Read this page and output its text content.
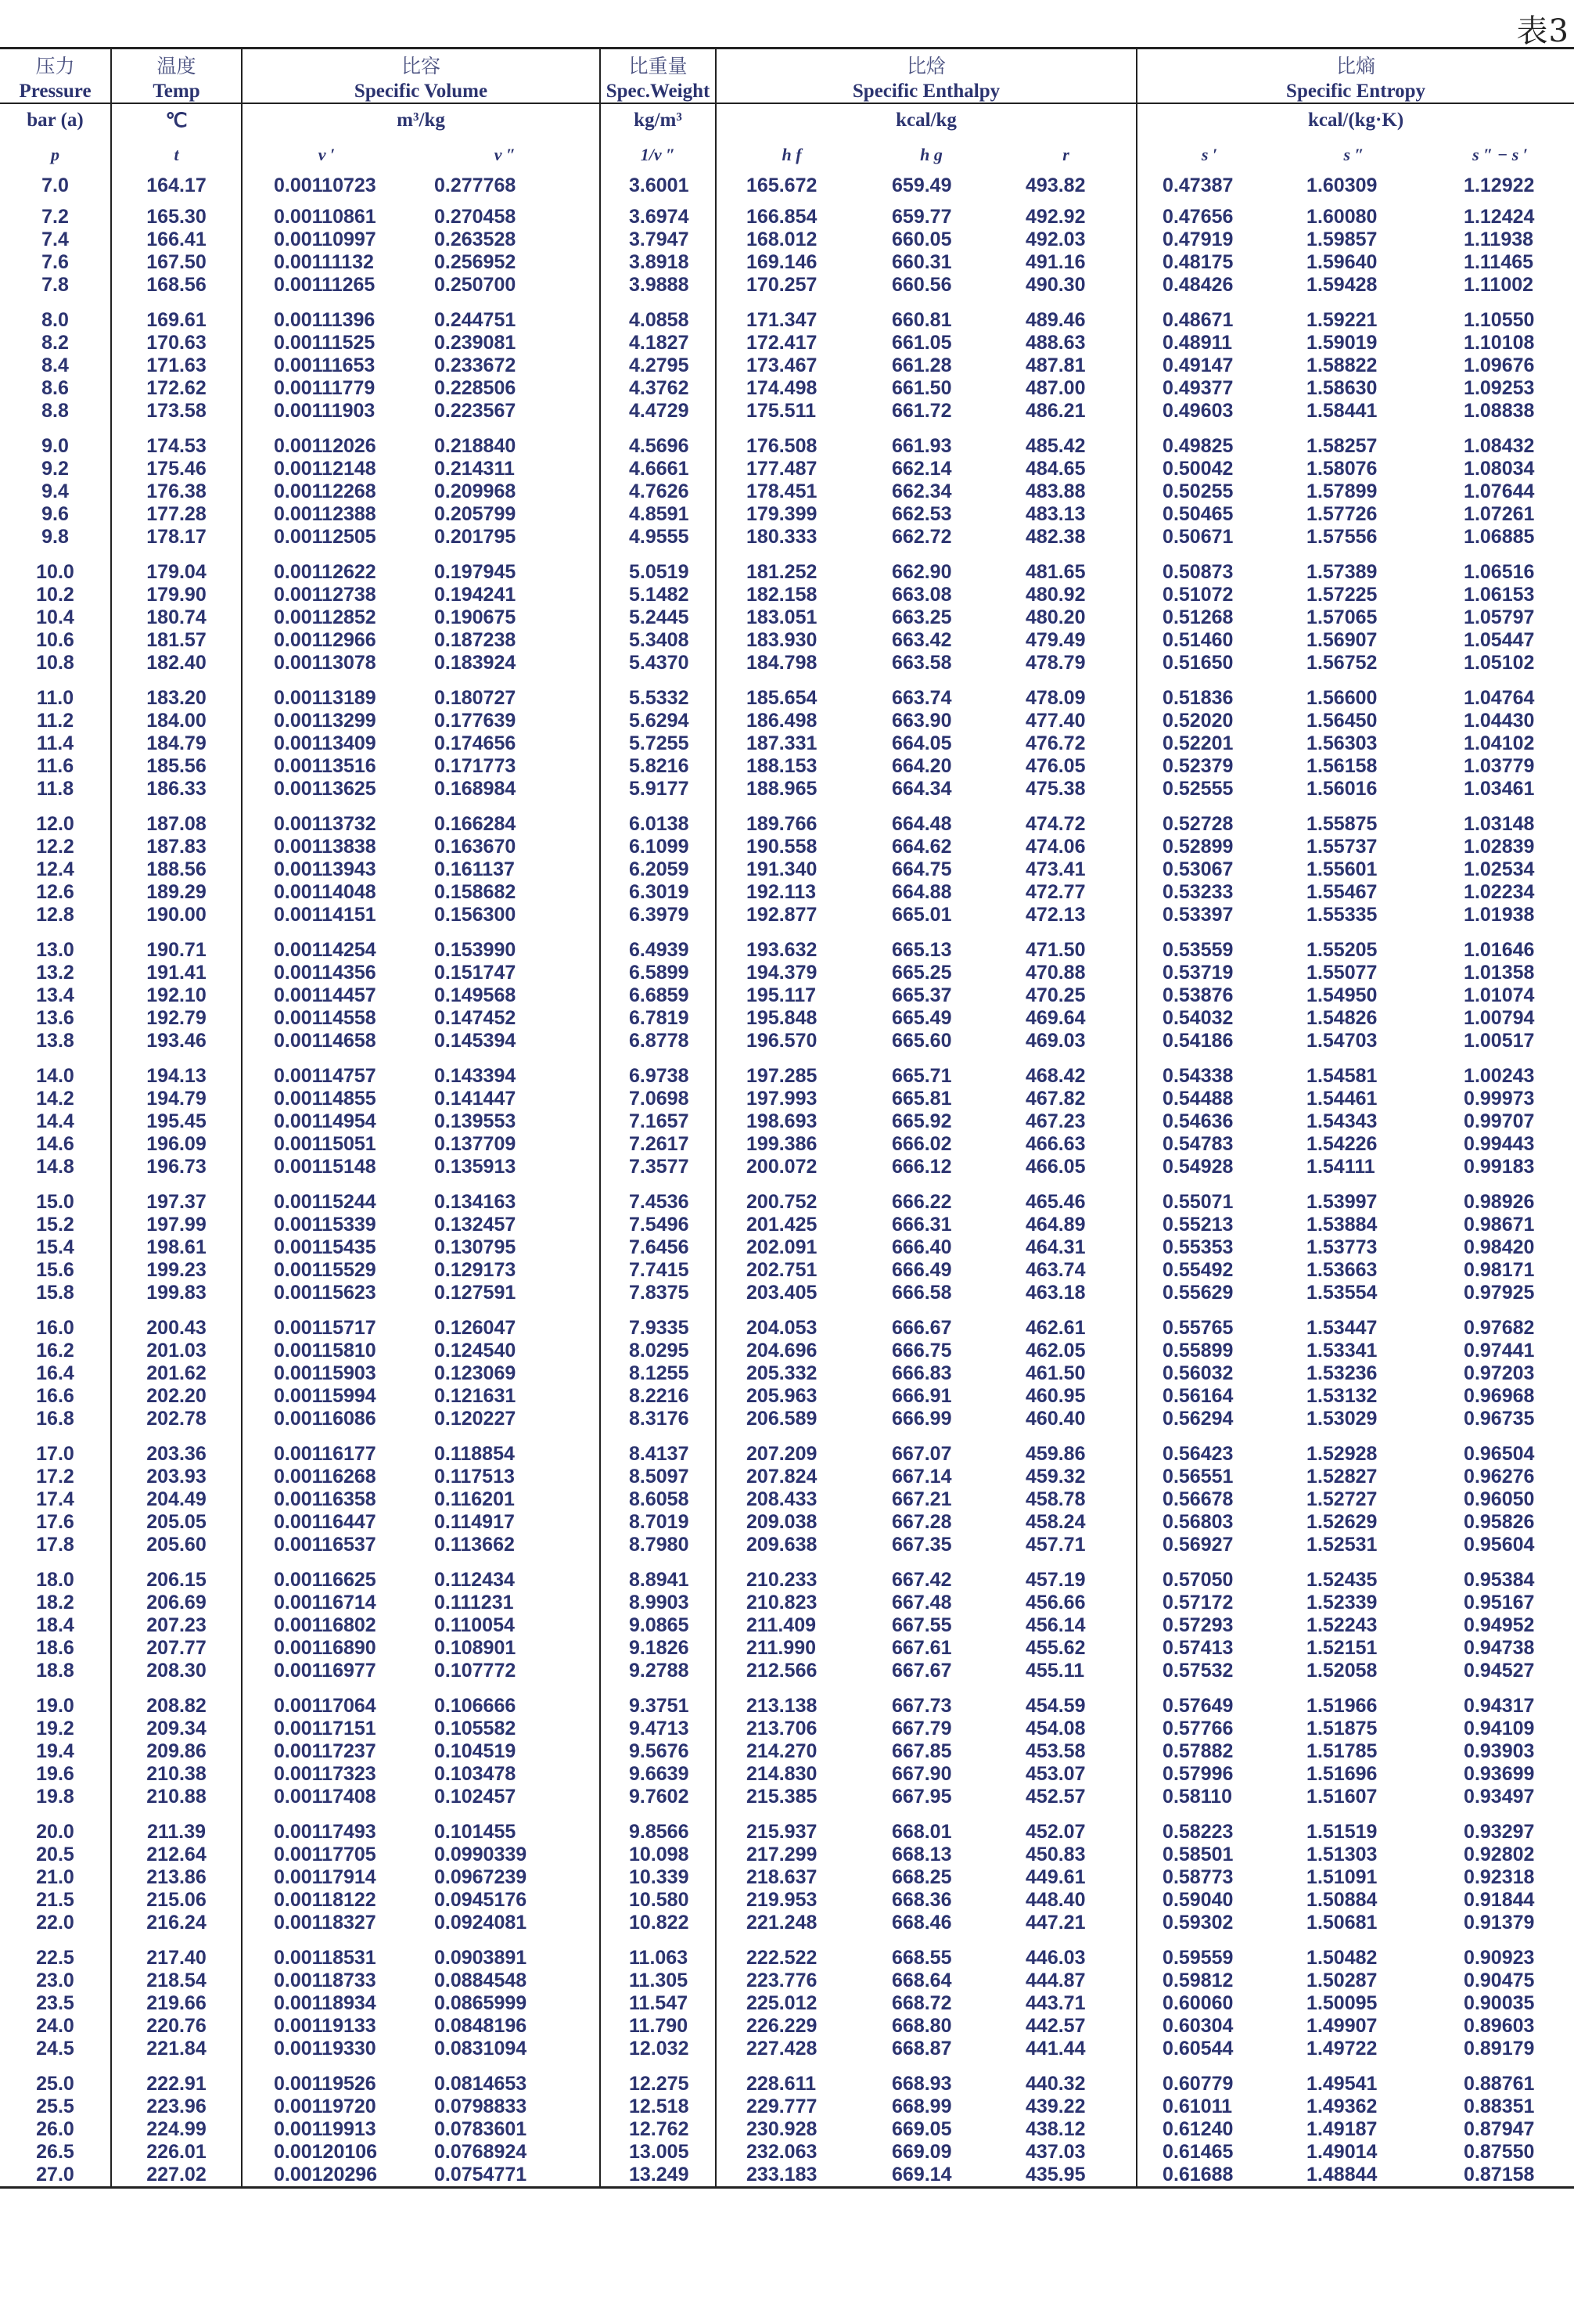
表3
压力	温度	比容		比重量	比焓			比熵		
Pressure	Temp	Specific Volume		Spec.Weight	Specific Enthalpy			Specific Entropy		
bar (a)	℃	m³/kg		kg/m³	kcal/kg			kcal/(kg·K)		
p	t	v ′	v ″	1/v ″	h f	h g	r	s ′	s ″	s ″ − s ′
7.0	164.17	0.00110723	0.277768	3.6001	165.672	659.49	493.82	0.47387	1.60309	1.12922
7.2	165.30	0.00110861	0.270458	3.6974	166.854	659.77	492.92	0.47656	1.60080	1.12424
7.4	166.41	0.00110997	0.263528	3.7947	168.012	660.05	492.03	0.47919	1.59857	1.11938
7.6	167.50	0.00111132	0.256952	3.8918	169.146	660.31	491.16	0.48175	1.59640	1.11465
7.8	168.56	0.00111265	0.250700	3.9888	170.257	660.56	490.30	0.48426	1.59428	1.11002

8.0	169.61	0.00111396	0.244751	4.0858	171.347	660.81	489.46	0.48671	1.59221	1.10550
8.2	170.63	0.00111525	0.239081	4.1827	172.417	661.05	488.63	0.48911	1.59019	1.10108
8.4	171.63	0.00111653	0.233672	4.2795	173.467	661.28	487.81	0.49147	1.58822	1.09676
8.6	172.62	0.00111779	0.228506	4.3762	174.498	661.50	487.00	0.49377	1.58630	1.09253
8.8	173.58	0.00111903	0.223567	4.4729	175.511	661.72	486.21	0.49603	1.58441	1.08838

9.0	174.53	0.00112026	0.218840	4.5696	176.508	661.93	485.42	0.49825	1.58257	1.08432
9.2	175.46	0.00112148	0.214311	4.6661	177.487	662.14	484.65	0.50042	1.58076	1.08034
9.4	176.38	0.00112268	0.209968	4.7626	178.451	662.34	483.88	0.50255	1.57899	1.07644
9.6	177.28	0.00112388	0.205799	4.8591	179.399	662.53	483.13	0.50465	1.57726	1.07261
9.8	178.17	0.00112505	0.201795	4.9555	180.333	662.72	482.38	0.50671	1.57556	1.06885

10.0	179.04	0.00112622	0.197945	5.0519	181.252	662.90	481.65	0.50873	1.57389	1.06516
10.2	179.90	0.00112738	0.194241	5.1482	182.158	663.08	480.92	0.51072	1.57225	1.06153
10.4	180.74	0.00112852	0.190675	5.2445	183.051	663.25	480.20	0.51268	1.57065	1.05797
10.6	181.57	0.00112966	0.187238	5.3408	183.930	663.42	479.49	0.51460	1.56907	1.05447
10.8	182.40	0.00113078	0.183924	5.4370	184.798	663.58	478.79	0.51650	1.56752	1.05102

11.0	183.20	0.00113189	0.180727	5.5332	185.654	663.74	478.09	0.51836	1.56600	1.04764
11.2	184.00	0.00113299	0.177639	5.6294	186.498	663.90	477.40	0.52020	1.56450	1.04430
11.4	184.79	0.00113409	0.174656	5.7255	187.331	664.05	476.72	0.52201	1.56303	1.04102
11.6	185.56	0.00113516	0.171773	5.8216	188.153	664.20	476.05	0.52379	1.56158	1.03779
11.8	186.33	0.00113625	0.168984	5.9177	188.965	664.34	475.38	0.52555	1.56016	1.03461

12.0	187.08	0.00113732	0.166284	6.0138	189.766	664.48	474.72	0.52728	1.55875	1.03148
12.2	187.83	0.00113838	0.163670	6.1099	190.558	664.62	474.06	0.52899	1.55737	1.02839
12.4	188.56	0.00113943	0.161137	6.2059	191.340	664.75	473.41	0.53067	1.55601	1.02534
12.6	189.29	0.00114048	0.158682	6.3019	192.113	664.88	472.77	0.53233	1.55467	1.02234
12.8	190.00	0.00114151	0.156300	6.3979	192.877	665.01	472.13	0.53397	1.55335	1.01938

13.0	190.71	0.00114254	0.153990	6.4939	193.632	665.13	471.50	0.53559	1.55205	1.01646
13.2	191.41	0.00114356	0.151747	6.5899	194.379	665.25	470.88	0.53719	1.55077	1.01358
13.4	192.10	0.00114457	0.149568	6.6859	195.117	665.37	470.25	0.53876	1.54950	1.01074
13.6	192.79	0.00114558	0.147452	6.7819	195.848	665.49	469.64	0.54032	1.54826	1.00794
13.8	193.46	0.00114658	0.145394	6.8778	196.570	665.60	469.03	0.54186	1.54703	1.00517

14.0	194.13	0.00114757	0.143394	6.9738	197.285	665.71	468.42	0.54338	1.54581	1.00243
14.2	194.79	0.00114855	0.141447	7.0698	197.993	665.81	467.82	0.54488	1.54461	0.99973
14.4	195.45	0.00114954	0.139553	7.1657	198.693	665.92	467.23	0.54636	1.54343	0.99707
14.6	196.09	0.00115051	0.137709	7.2617	199.386	666.02	466.63	0.54783	1.54226	0.99443
14.8	196.73	0.00115148	0.135913	7.3577	200.072	666.12	466.05	0.54928	1.54111	0.99183

15.0	197.37	0.00115244	0.134163	7.4536	200.752	666.22	465.46	0.55071	1.53997	0.98926
15.2	197.99	0.00115339	0.132457	7.5496	201.425	666.31	464.89	0.55213	1.53884	0.98671
15.4	198.61	0.00115435	0.130795	7.6456	202.091	666.40	464.31	0.55353	1.53773	0.98420
15.6	199.23	0.00115529	0.129173	7.7415	202.751	666.49	463.74	0.55492	1.53663	0.98171
15.8	199.83	0.00115623	0.127591	7.8375	203.405	666.58	463.18	0.55629	1.53554	0.97925

16.0	200.43	0.00115717	0.126047	7.9335	204.053	666.67	462.61	0.55765	1.53447	0.97682
16.2	201.03	0.00115810	0.124540	8.0295	204.696	666.75	462.05	0.55899	1.53341	0.97441
16.4	201.62	0.00115903	0.123069	8.1255	205.332	666.83	461.50	0.56032	1.53236	0.97203
16.6	202.20	0.00115994	0.121631	8.2216	205.963	666.91	460.95	0.56164	1.53132	0.96968
16.8	202.78	0.00116086	0.120227	8.3176	206.589	666.99	460.40	0.56294	1.53029	0.96735

17.0	203.36	0.00116177	0.118854	8.4137	207.209	667.07	459.86	0.56423	1.52928	0.96504
17.2	203.93	0.00116268	0.117513	8.5097	207.824	667.14	459.32	0.56551	1.52827	0.96276
17.4	204.49	0.00116358	0.116201	8.6058	208.433	667.21	458.78	0.56678	1.52727	0.96050
17.6	205.05	0.00116447	0.114917	8.7019	209.038	667.28	458.24	0.56803	1.52629	0.95826
17.8	205.60	0.00116537	0.113662	8.7980	209.638	667.35	457.71	0.56927	1.52531	0.95604

18.0	206.15	0.00116625	0.112434	8.8941	210.233	667.42	457.19	0.57050	1.52435	0.95384
18.2	206.69	0.00116714	0.111231	8.9903	210.823	667.48	456.66	0.57172	1.52339	0.95167
18.4	207.23	0.00116802	0.110054	9.0865	211.409	667.55	456.14	0.57293	1.52243	0.94952
18.6	207.77	0.00116890	0.108901	9.1826	211.990	667.61	455.62	0.57413	1.52151	0.94738
18.8	208.30	0.00116977	0.107772	9.2788	212.566	667.67	455.11	0.57532	1.52058	0.94527

19.0	208.82	0.00117064	0.106666	9.3751	213.138	667.73	454.59	0.57649	1.51966	0.94317
19.2	209.34	0.00117151	0.105582	9.4713	213.706	667.79	454.08	0.57766	1.51875	0.94109
19.4	209.86	0.00117237	0.104519	9.5676	214.270	667.85	453.58	0.57882	1.51785	0.93903
19.6	210.38	0.00117323	0.103478	9.6639	214.830	667.90	453.07	0.57996	1.51696	0.93699
19.8	210.88	0.00117408	0.102457	9.7602	215.385	667.95	452.57	0.58110	1.51607	0.93497

20.0	211.39	0.00117493	0.101455	9.8566	215.937	668.01	452.07	0.58223	1.51519	0.93297
20.5	212.64	0.00117705	0.0990339	10.098	217.299	668.13	450.83	0.58501	1.51303	0.92802
21.0	213.86	0.00117914	0.0967239	10.339	218.637	668.25	449.61	0.58773	1.51091	0.92318
21.5	215.06	0.00118122	0.0945176	10.580	219.953	668.36	448.40	0.59040	1.50884	0.91844
22.0	216.24	0.00118327	0.0924081	10.822	221.248	668.46	447.21	0.59302	1.50681	0.91379

22.5	217.40	0.00118531	0.0903891	11.063	222.522	668.55	446.03	0.59559	1.50482	0.90923
23.0	218.54	0.00118733	0.0884548	11.305	223.776	668.64	444.87	0.59812	1.50287	0.90475
23.5	219.66	0.00118934	0.0865999	11.547	225.012	668.72	443.71	0.60060	1.50095	0.90035
24.0	220.76	0.00119133	0.0848196	11.790	226.229	668.80	442.57	0.60304	1.49907	0.89603
24.5	221.84	0.00119330	0.0831094	12.032	227.428	668.87	441.44	0.60544	1.49722	0.89179

25.0	222.91	0.00119526	0.0814653	12.275	228.611	668.93	440.32	0.60779	1.49541	0.88761
25.5	223.96	0.00119720	0.0798833	12.518	229.777	668.99	439.22	0.61011	1.49362	0.88351
26.0	224.99	0.00119913	0.0783601	12.762	230.928	669.05	438.12	0.61240	1.49187	0.87947
26.5	226.01	0.00120106	0.0768924	13.005	232.063	669.09	437.03	0.61465	1.49014	0.87550
27.0	227.02	0.00120296	0.0754771	13.249	233.183	669.14	435.95	0.61688	1.48844	0.87158
